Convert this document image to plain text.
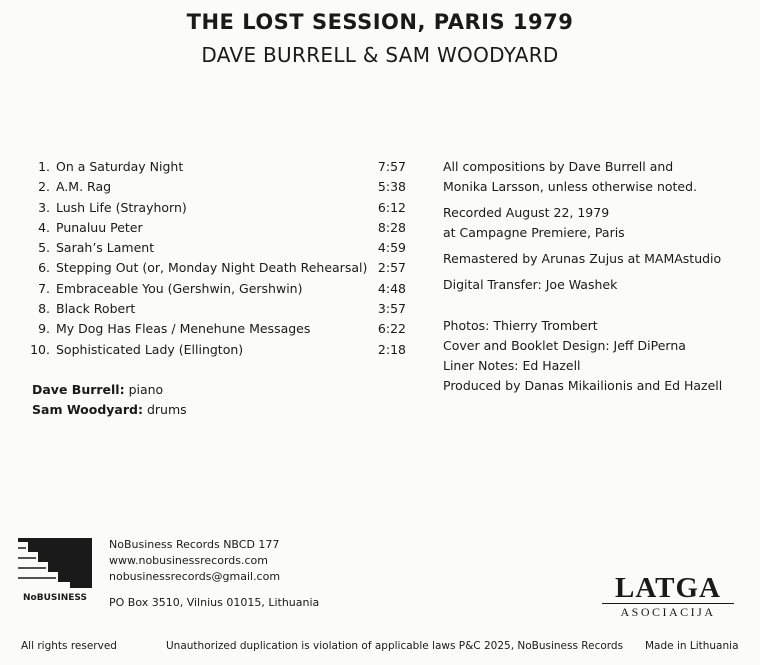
THE LOST SESSION, PARIS 1979
DAVE BURRELL & SAM WOODYARD
1. On a Saturday Night	7:57
2. A.M. Rag	5:38
3. Lush Life (Strayhorn)	6:12
4. Punaluu Peter	8:28
5. Sarah’s Lament	4:59
6. Stepping Out (or, Monday Night Death Rehearsal) 2:57
7. Embraceable You (Gershwin, Gershwin)	4:48
8. Black Robert	3:57
9. My Dog Has Fleas / Menehune Messages	6:22
10. Sophisticated Lady (Ellington)	2:18
Dave Burrell: piano
Sam Woodyard: drums
All compositions by Dave Burrell and
Monika Larsson, unless otherwise noted.
Recorded August 22, 1979
at Campagne Premiere, Paris
Remastered by Arunas Zujus at MAMAstudio
Digital Transfer: Joe Washek
Photos: Thierry Trombert
Cover and Booklet Design: Jeff DiPerna
Liner Notes: Ed Hazell
Produced by Danas Mikailionis and Ed Hazell
NoBUSINESS
NoBusiness Records NBCD 177
www.nobusinessrecords.com
nobusinessrecords@gmail.com
PO Box 3510, Vilnius 01015, Lithuania	LATGA
ASOCIACIJA
All rights reserved	Unauthorized duplication is violation of applicable laws P&C 2025, NoBusiness Records Made in Lithuania
